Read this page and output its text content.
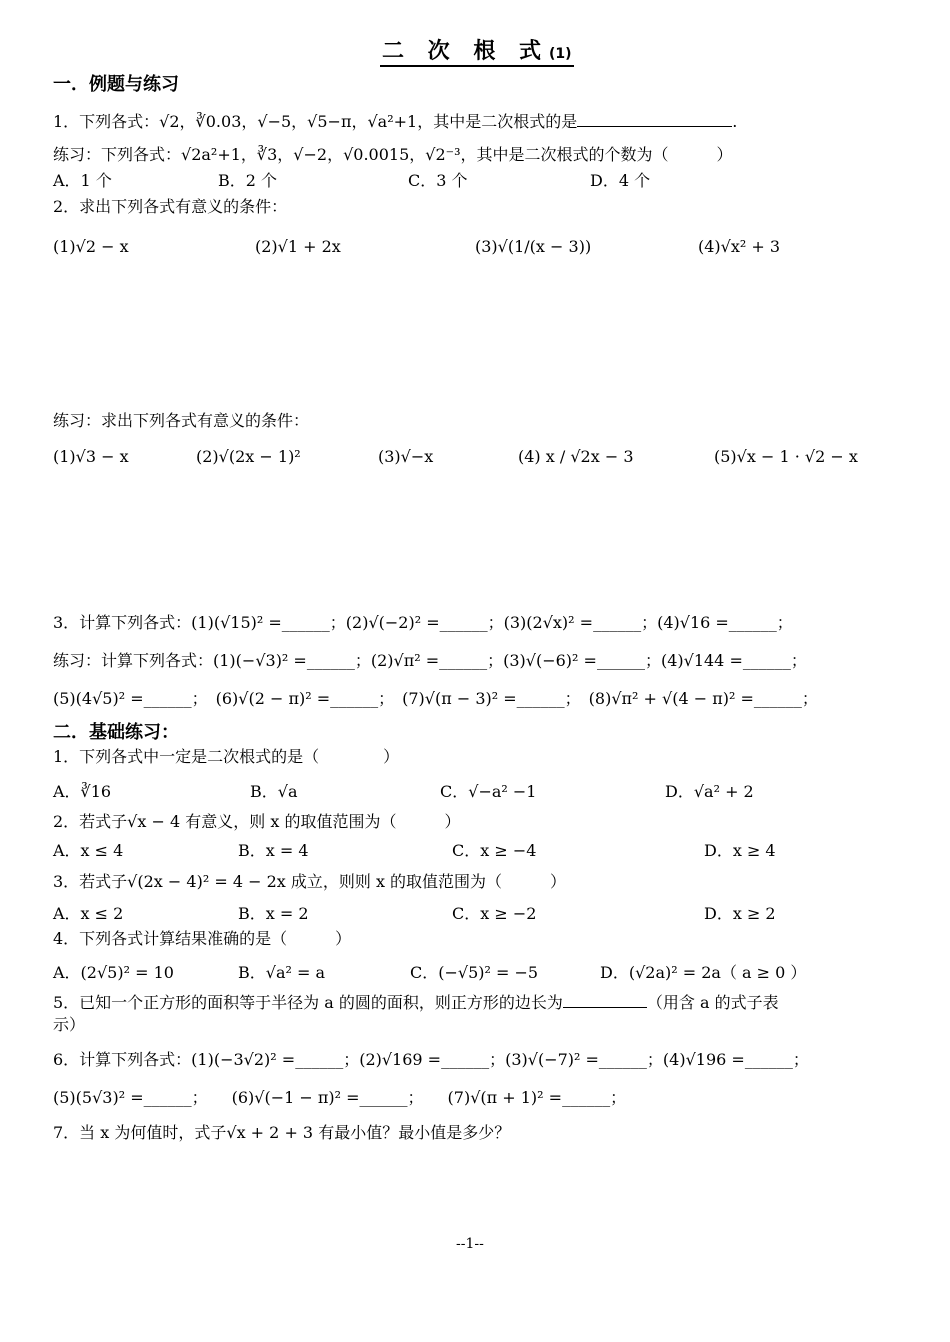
二 次 根 式(1)
一．例题与练习
1．下列各式：√2，∛0.03，√−5，√5−π，√a²+1，其中是二次根式的是	.
练习：下列各式：√2a²+1，∛3，√−2，√0.0015，√2⁻³，其中是二次根式的个数为（　　　）
A．1 个	B．2 个	C．3 个	D．4 个
2．求出下列各式有意义的条件：
(1)√2 − x	(2)√1 + 2x	(3)√(1/(x − 3))	(4)√x² + 3
练习：求出下列各式有意义的条件：
(1)√3 − x	(2)√(2x − 1)²	(3)√−x	(4) x / √2x − 3	(5)√x − 1 · √2 − x
3．计算下列各式：(1)(√15)² =______；(2)√(−2)² =______；(3)(2√x)² =______；(4)√16 =______；
练习：计算下列各式：(1)(−√3)² =______；(2)√π² =______；(3)√(−6)² =______；(4)√144 =______；
(5)(4√5)² =______；　(6)√(2 − π)² =______；　(7)√(π − 3)² =______；　(8)√π² + √(4 − π)² =______；
二．基础练习：
1．下列各式中一定是二次根式的是（　　　　）
A．∛16	B．√a	C．√−a² −1	D．√a² + 2
2．若式子√x − 4 有意义，则 x 的取值范围为（　　　）
A．x ≤ 4	B．x = 4	C．x ≥ −4	D．x ≥ 4
3．若式子√(2x − 4)² = 4 − 2x 成立，则则 x 的取值范围为（　　　）
A．x ≤ 2	B．x = 2	C．x ≥ −2	D．x ≥ 2
4．下列各式计算结果准确的是（　　　）
A．(2√5)² = 10	B．√a² = a	C．(−√5)² = −5	D．(√2a)² = 2a（ a ≥ 0 ）
5．已知一个正方形的面积等于半径为 a 的圆的面积，则正方形的边长为	（用含 a 的式子表
示）
6．计算下列各式：(1)(−3√2)² =______；(2)√169 =______；(3)√(−7)² =______；(4)√196 =______；
(5)(5√3)² =______；　　(6)√(−1 − π)² =______；　　(7)√(π + 1)² =______；
7．当 x 为何值时，式子√x + 2 + 3 有最小值？最小值是多少？
--1--
